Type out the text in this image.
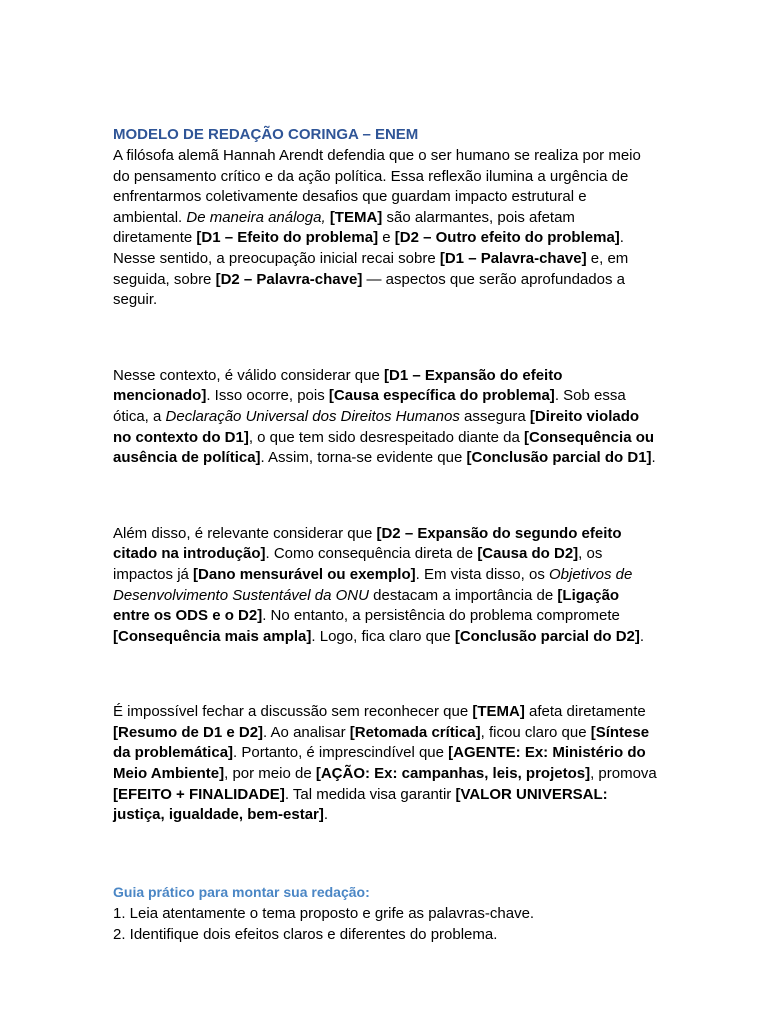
MODELO DE REDAÇÃO CORINGA – ENEM

A filósofa alemã Hannah Arendt defendia que o ser humano se realiza por meio do pensamento crítico e da ação política. Essa reflexão ilumina a urgência de enfrentarmos coletivamente desafios que guardam impacto estrutural e ambiental. De maneira análoga, [TEMA] são alarmantes, pois afetam diretamente [D1 – Efeito do problema] e [D2 – Outro efeito do problema]. Nesse sentido, a preocupação inicial recai sobre [D1 – Palavra-chave] e, em seguida, sobre [D2 – Palavra-chave] — aspectos que serão aprofundados a seguir.

Nesse contexto, é válido considerar que [D1 – Expansão do efeito mencionado]. Isso ocorre, pois [Causa específica do problema]. Sob essa ótica, a Declaração Universal dos Direitos Humanos assegura [Direito violado no contexto do D1], o que tem sido desrespeitado diante da [Consequência ou ausência de política]. Assim, torna-se evidente que [Conclusão parcial do D1].

Além disso, é relevante considerar que [D2 – Expansão do segundo efeito citado na introdução]. Como consequência direta de [Causa do D2], os impactos já [Dano mensurável ou exemplo]. Em vista disso, os Objetivos de Desenvolvimento Sustentável da ONU destacam a importância de [Ligação entre os ODS e o D2]. No entanto, a persistência do problema compromete [Consequência mais ampla]. Logo, fica claro que [Conclusão parcial do D2].

É impossível fechar a discussão sem reconhecer que [TEMA] afeta diretamente [Resumo de D1 e D2]. Ao analisar [Retomada crítica], ficou claro que [Síntese da problemática]. Portanto, é imprescindível que [AGENTE: Ex: Ministério do Meio Ambiente], por meio de [AÇÃO: Ex: campanhas, leis, projetos], promova [EFEITO + FINALIDADE]. Tal medida visa garantir [VALOR UNIVERSAL: justiça, igualdade, bem-estar].

Guia prático para montar sua redação:
1. Leia atentamente o tema proposto e grife as palavras-chave.
2. Identifique dois efeitos claros e diferentes do problema.
